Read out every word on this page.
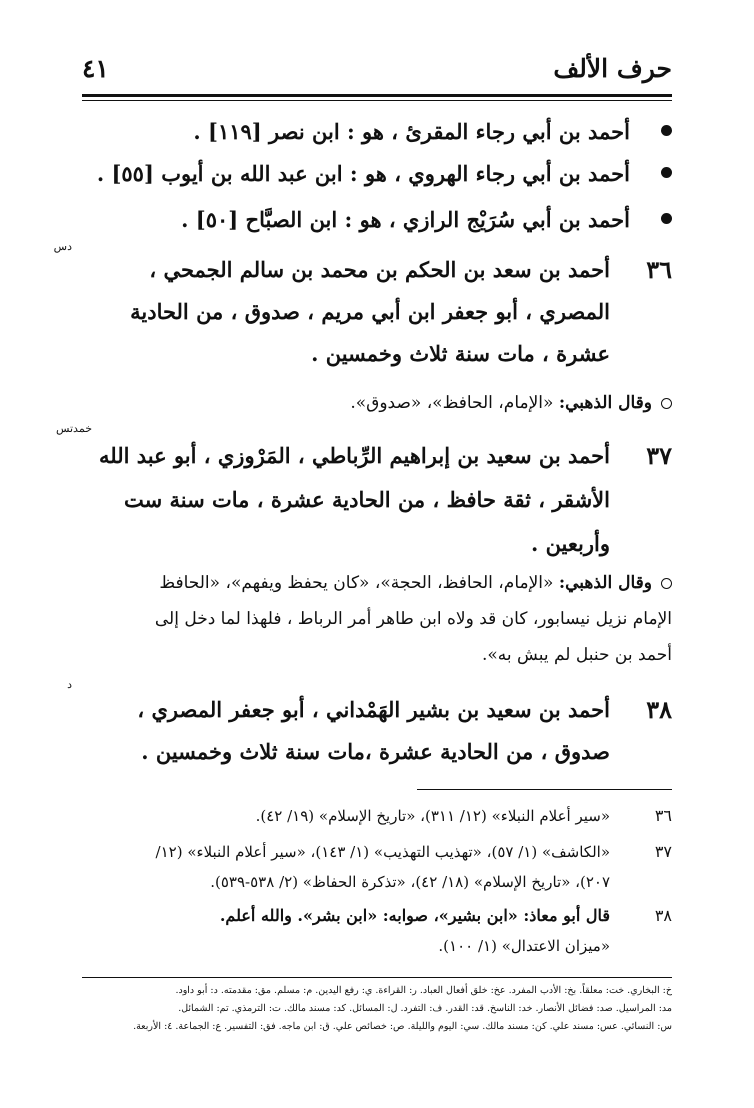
حرف الألف
٤١
أحمد بن أبي رجاء المقرئ ، هو : ابن نصر [١١٩] .
أحمد بن أبي رجاء الهروي ، هو : ابن عبد الله بن أيوب [٥٥] .
أحمد بن أبي سُرَيْج الرازي ، هو : ابن الصبَّاح [٥٠] .
٣٦
دس
أحمد بن سعد بن الحكم بن محمد بن سالم الجمحي ،
المصري ، أبو جعفر ابن أبي مريم ، صدوق ، من الحادية
عشرة ، مات سنة ثلاث وخمسين .
وقال الذهبي: «الإمام، الحافظ»، «صدوق».
٣٧
خمدتس
أحمد بن سعيد بن إبراهيم الرِّباطي ، المَرْوزي ، أبو عبد الله
الأشقر ، ثقة حافظ ، من الحادية عشرة ، مات سنة ست
وأربعين .
وقال الذهبي: «الإمام، الحافظ، الحجة»، «كان يحفظ ويفهم»، «الحافظ
الإمام نزيل نيسابور، كان قد ولاه ابن طاهر أمر الرباط ، فلهذا لما دخل إلى
أحمد بن حنبل لم يبش به».
٣٨
د
أحمد بن سعيد بن بشير الهَمْداني ، أبو جعفر المصري ،
صدوق ، من الحادية عشرة ،مات سنة ثلاث وخمسين .
٣٦
«سير أعلام النبلاء» (١٢/ ٣١١)، «تاريخ الإسلام» (١٩/ ٤٢).
٣٧
«الكاشف» (١/ ٥٧)، «تهذيب التهذيب» (١/ ١٤٣)، «سير أعلام النبلاء» (١٢/
٢٠٧)، «تاريخ الإسلام» (١٨/ ٤٢)، «تذكرة الحفاظ» (٢/ ٥٣٨-٥٣٩).
٣٨
قال أبو معاذ: «ابن بشير»، صوابه: «ابن بشر». والله أعلم.
«ميزان الاعتدال» (١/ ١٠٠).
خ: البخاري. خت: معلقاً. بخ: الأدب المفرد. عخ: خلق أفعال العباد. ر: القراءة. ي: رفع اليدين. م: مسلم. مق: مقدمته. د: أبو داود.
مد: المراسيل. صد: فضائل الأنصار. خد: الناسخ. قد: القدر. ف: التفرد. ل: المسائل. كد: مسند مالك. ت: الترمذي. تم: الشمائل.
س: النسائي. عس: مسند علي. كن: مسند مالك. سي: اليوم والليلة. ص: خصائص علي. ق: ابن ماجه. فق: التفسير. ع: الجماعة. ٤: الأربعة.
